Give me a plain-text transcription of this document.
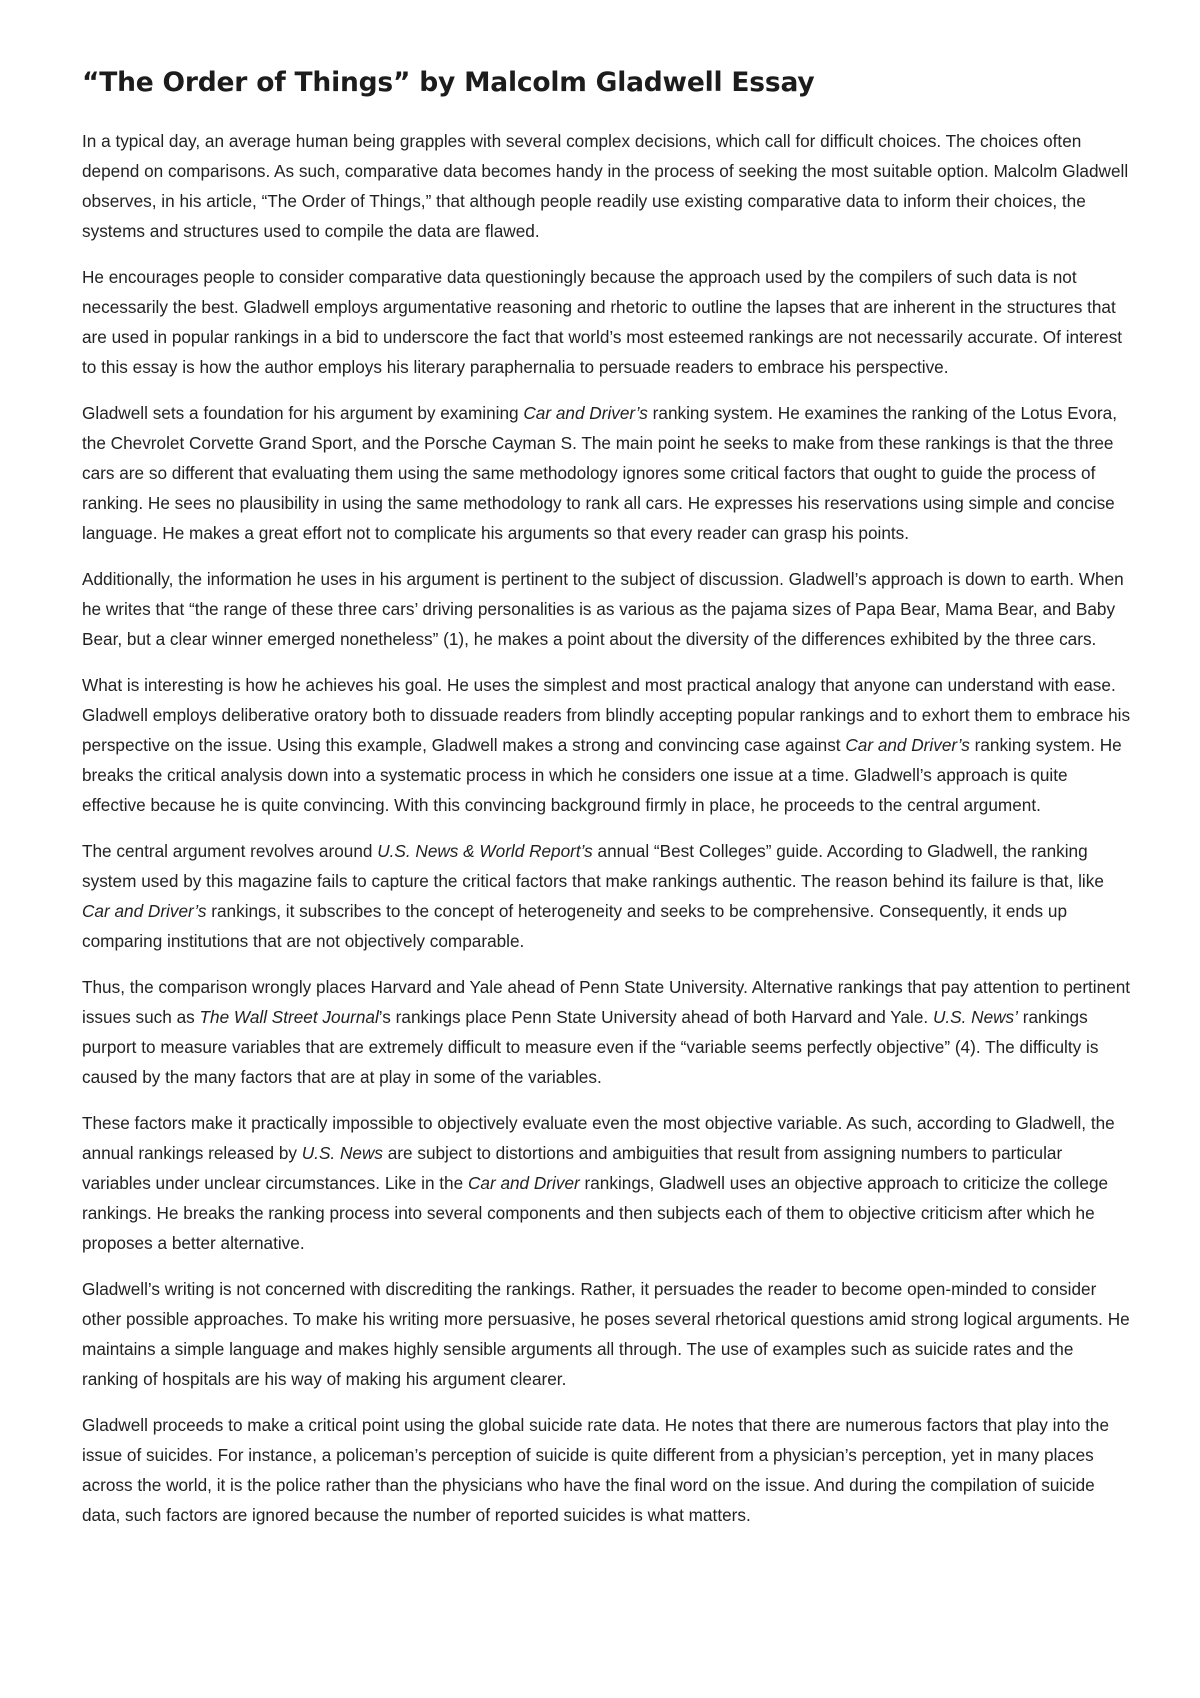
“The Order of Things” by Malcolm Gladwell Essay

In a typical day, an average human being grapples with several complex decisions, which call for difficult choices. The choices often depend on comparisons. As such, comparative data becomes handy in the process of seeking the most suitable option. Malcolm Gladwell observes, in his article, “The Order of Things,” that although people readily use existing comparative data to inform their choices, the systems and structures used to compile the data are flawed.

He encourages people to consider comparative data questioningly because the approach used by the compilers of such data is not necessarily the best. Gladwell employs argumentative reasoning and rhetoric to outline the lapses that are inherent in the structures that are used in popular rankings in a bid to underscore the fact that world’s most esteemed rankings are not necessarily accurate. Of interest to this essay is how the author employs his literary paraphernalia to persuade readers to embrace his perspective.

Gladwell sets a foundation for his argument by examining Car and Driver’s ranking system. He examines the ranking of the Lotus Evora, the Chevrolet Corvette Grand Sport, and the Porsche Cayman S. The main point he seeks to make from these rankings is that the three cars are so different that evaluating them using the same methodology ignores some critical factors that ought to guide the process of ranking. He sees no plausibility in using the same methodology to rank all cars. He expresses his reservations using simple and concise language. He makes a great effort not to complicate his arguments so that every reader can grasp his points.

Additionally, the information he uses in his argument is pertinent to the subject of discussion. Gladwell’s approach is down to earth. When he writes that “the range of these three cars’ driving personalities is as various as the pajama sizes of Papa Bear, Mama Bear, and Baby Bear, but a clear winner emerged nonetheless” (1), he makes a point about the diversity of the differences exhibited by the three cars.

What is interesting is how he achieves his goal. He uses the simplest and most practical analogy that anyone can understand with ease. Gladwell employs deliberative oratory both to dissuade readers from blindly accepting popular rankings and to exhort them to embrace his perspective on the issue. Using this example, Gladwell makes a strong and convincing case against Car and Driver’s ranking system. He breaks the critical analysis down into a systematic process in which he considers one issue at a time. Gladwell’s approach is quite effective because he is quite convincing. With this convincing background firmly in place, he proceeds to the central argument.

The central argument revolves around U.S. News & World Report’s annual “Best Colleges” guide. According to Gladwell, the ranking system used by this magazine fails to capture the critical factors that make rankings authentic. The reason behind its failure is that, like Car and Driver’s rankings, it subscribes to the concept of heterogeneity and seeks to be comprehensive. Consequently, it ends up comparing institutions that are not objectively comparable.

Thus, the comparison wrongly places Harvard and Yale ahead of Penn State University. Alternative rankings that pay attention to pertinent issues such as The Wall Street Journal’s rankings place Penn State University ahead of both Harvard and Yale. U.S. News’ rankings purport to measure variables that are extremely difficult to measure even if the “variable seems perfectly objective” (4). The difficulty is caused by the many factors that are at play in some of the variables.

These factors make it practically impossible to objectively evaluate even the most objective variable. As such, according to Gladwell, the annual rankings released by U.S. News are subject to distortions and ambiguities that result from assigning numbers to particular variables under unclear circumstances. Like in the Car and Driver rankings, Gladwell uses an objective approach to criticize the college rankings. He breaks the ranking process into several components and then subjects each of them to objective criticism after which he proposes a better alternative.

Gladwell’s writing is not concerned with discrediting the rankings. Rather, it persuades the reader to become open-minded to consider other possible approaches. To make his writing more persuasive, he poses several rhetorical questions amid strong logical arguments. He maintains a simple language and makes highly sensible arguments all through. The use of examples such as suicide rates and the ranking of hospitals are his way of making his argument clearer.

Gladwell proceeds to make a critical point using the global suicide rate data. He notes that there are numerous factors that play into the issue of suicides. For instance, a policeman’s perception of suicide is quite different from a physician’s perception, yet in many places across the world, it is the police rather than the physicians who have the final word on the issue. And during the compilation of suicide data, such factors are ignored because the number of reported suicides is what matters.
